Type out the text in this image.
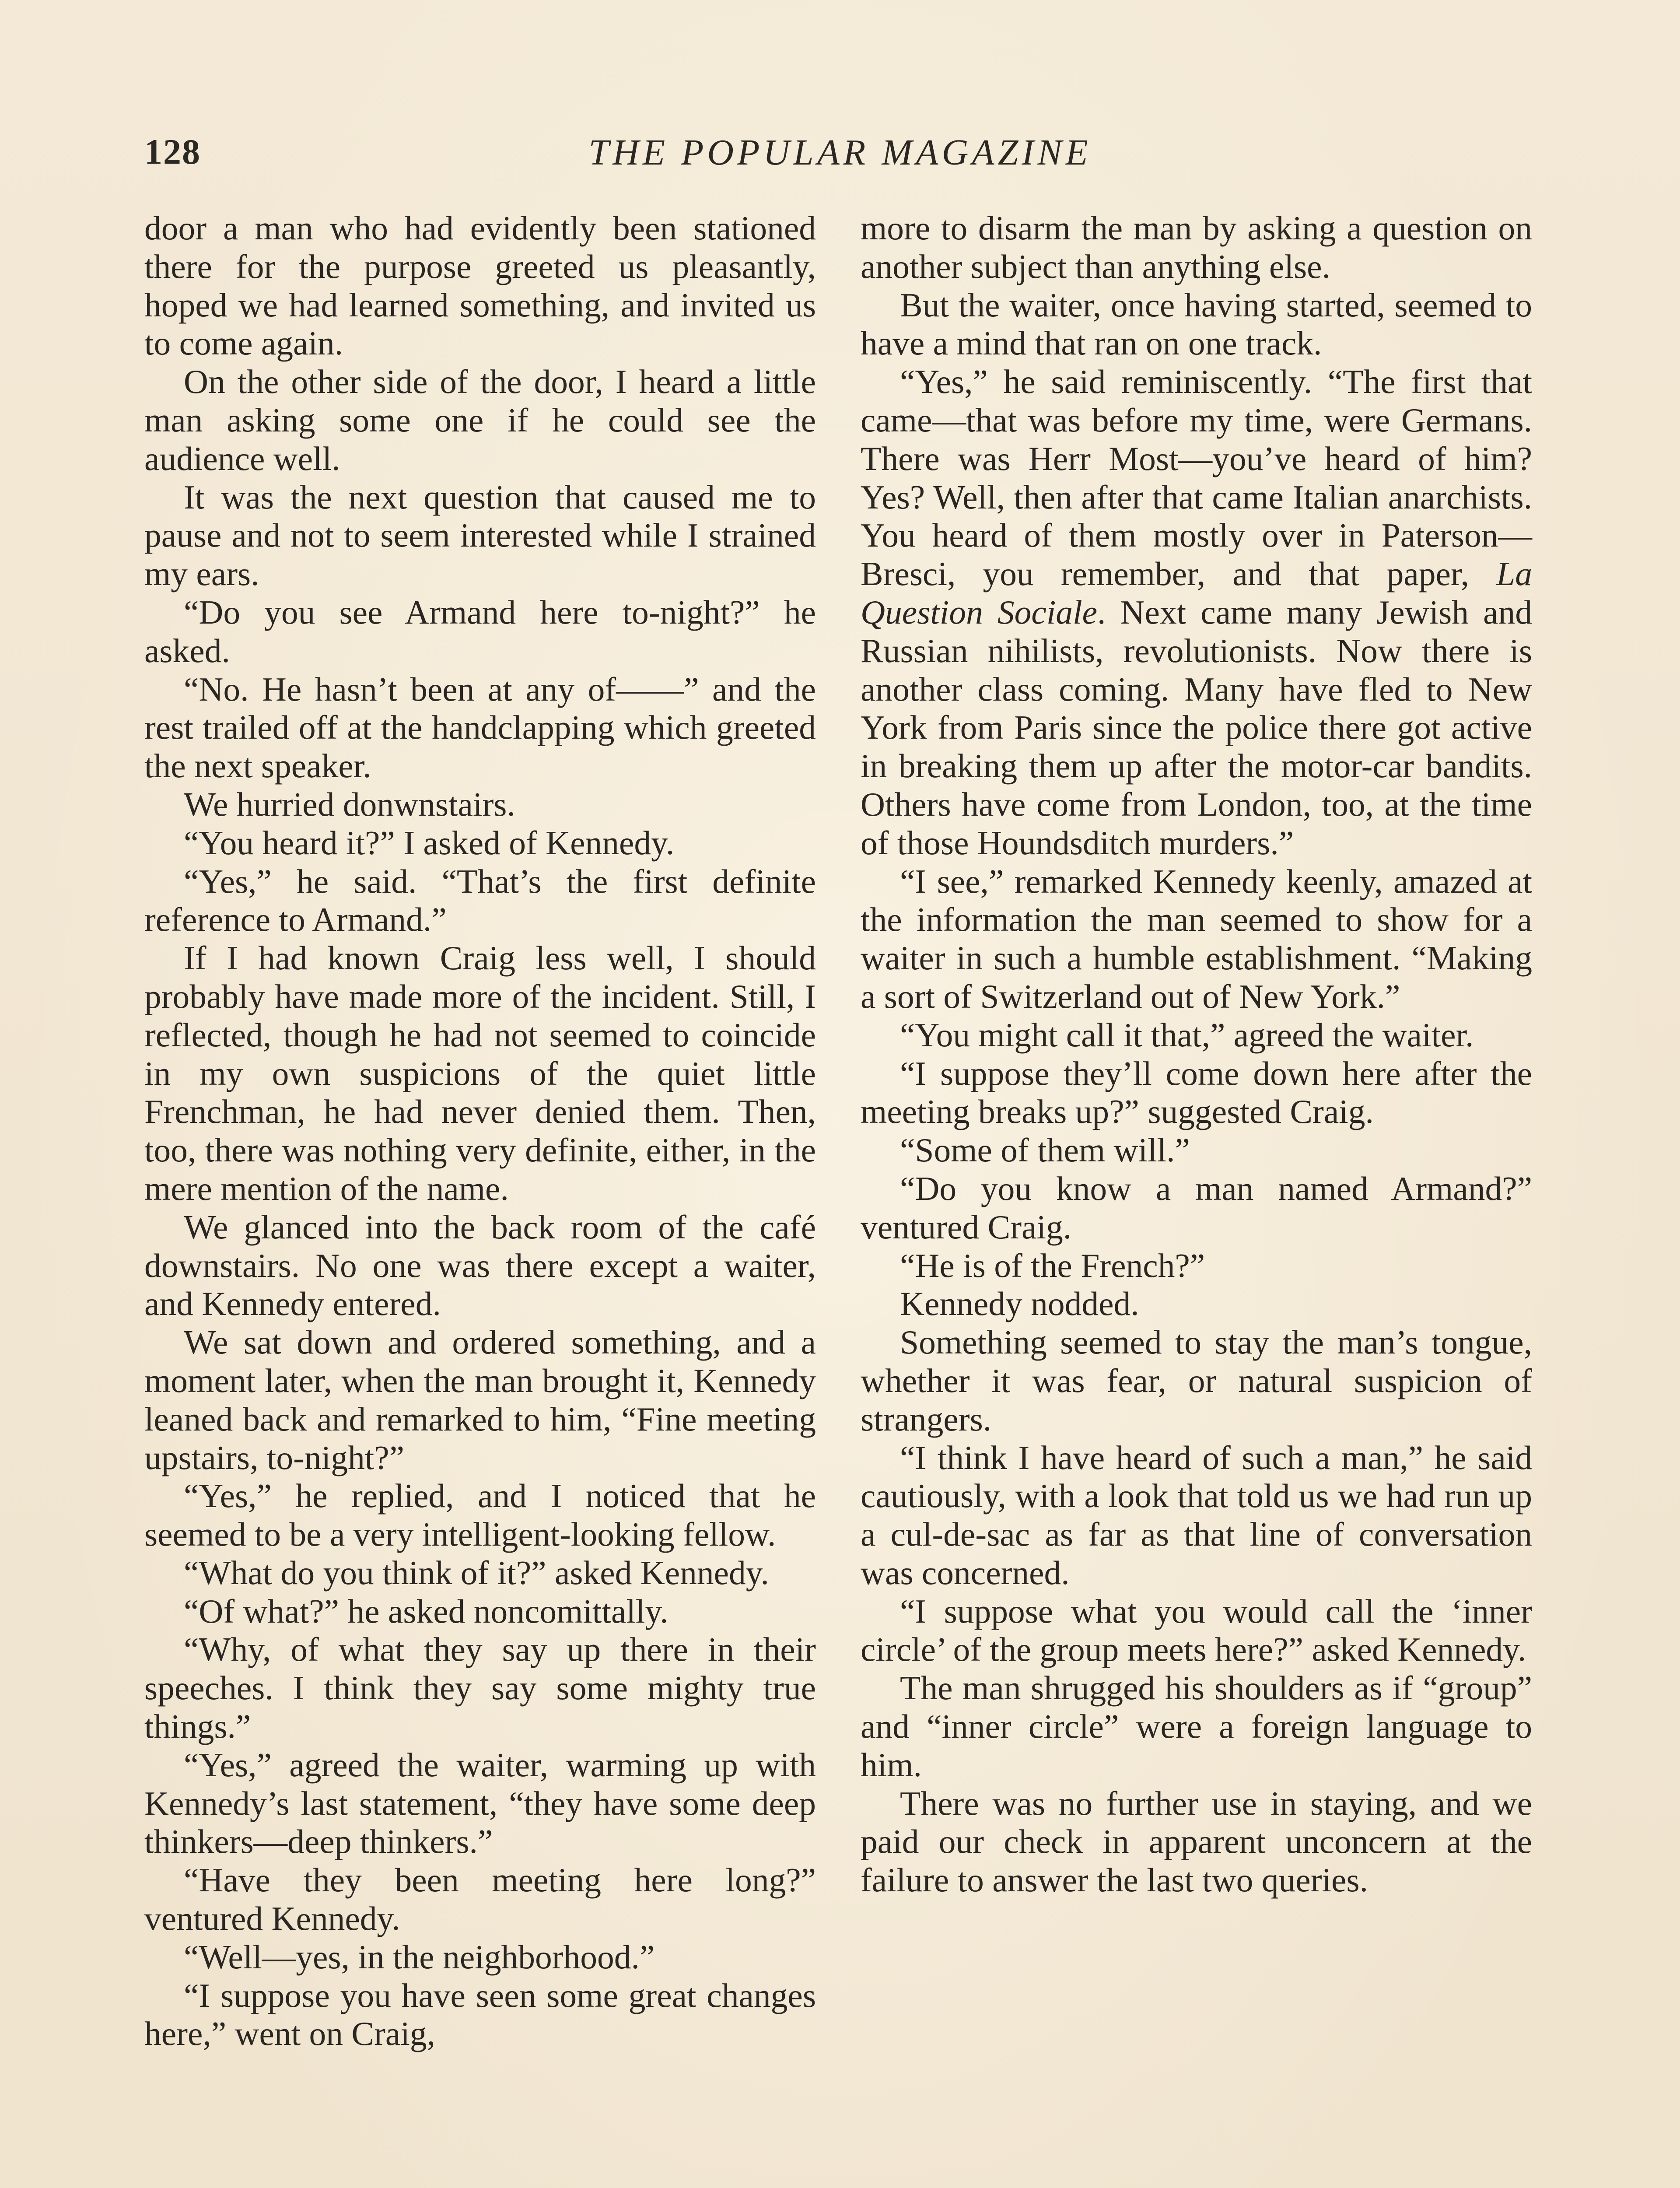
128	THE POPULAR MAGAZINE

door a man who had evidently been stationed there for the purpose greeted us pleasantly, hoped we had learned something, and invited us to come again.

On the other side of the door, I heard a little man asking some one if he could see the audience well.

It was the next question that caused me to pause and not to seem interested while I strained my ears.

“Do you see Armand here to-night?” he asked.

“No. He hasn’t been at any of——” and the rest trailed off at the handclapping which greeted the next speaker.

We hurried donwnstairs.

“You heard it?” I asked of Kennedy.

“Yes,” he said. “That’s the first definite reference to Armand.”

If I had known Craig less well, I should probably have made more of the incident. Still, I reflected, though he had not seemed to coincide in my own suspicions of the quiet little Frenchman, he had never denied them. Then, too, there was nothing very definite, either, in the mere mention of the name.

We glanced into the back room of the café downstairs. No one was there except a waiter, and Kennedy entered.

We sat down and ordered something, and a moment later, when the man brought it, Kennedy leaned back and remarked to him, “Fine meeting upstairs, to-night?”

“Yes,” he replied, and I noticed that he seemed to be a very intelligent-looking fellow.

“What do you think of it?” asked Kennedy.

“Of what?” he asked noncomittally.

“Why, of what they say up there in their speeches. I think they say some mighty true things.”

“Yes,” agreed the waiter, warming up with Kennedy’s last statement, “they have some deep thinkers—deep thinkers.”

“Have they been meeting here long?” ventured Kennedy.

“Well—yes, in the neighborhood.”

“I suppose you have seen some great changes here,” went on Craig,

more to disarm the man by asking a question on another subject than anything else.

But the waiter, once having started, seemed to have a mind that ran on one track.

“Yes,” he said reminiscently. “The first that came—that was before my time, were Germans. There was Herr Most—you’ve heard of him? Yes? Well, then after that came Italian anarchists. You heard of them mostly over in Paterson—Bresci, you remember, and that paper, La Question Sociale. Next came many Jewish and Russian nihilists, revolutionists. Now there is another class coming. Many have fled to New York from Paris since the police there got active in breaking them up after the motor-car bandits. Others have come from London, too, at the time of those Houndsditch murders.”

“I see,” remarked Kennedy keenly, amazed at the information the man seemed to show for a waiter in such a humble establishment. “Making a sort of Switzerland out of New York.”

“You might call it that,” agreed the waiter.

“I suppose they’ll come down here after the meeting breaks up?” suggested Craig.

“Some of them will.”

“Do you know a man named Armand?” ventured Craig.

“He is of the French?”

Kennedy nodded.

Something seemed to stay the man’s tongue, whether it was fear, or natural suspicion of strangers.

“I think I have heard of such a man,” he said cautiously, with a look that told us we had run up a cul-de-sac as far as that line of conversation was concerned.

“I suppose what you would call the ‘inner circle’ of the group meets here?” asked Kennedy.

The man shrugged his shoulders as if “group” and “inner circle” were a foreign language to him.

There was no further use in staying, and we paid our check in apparent unconcern at the failure to answer the last two queries.
